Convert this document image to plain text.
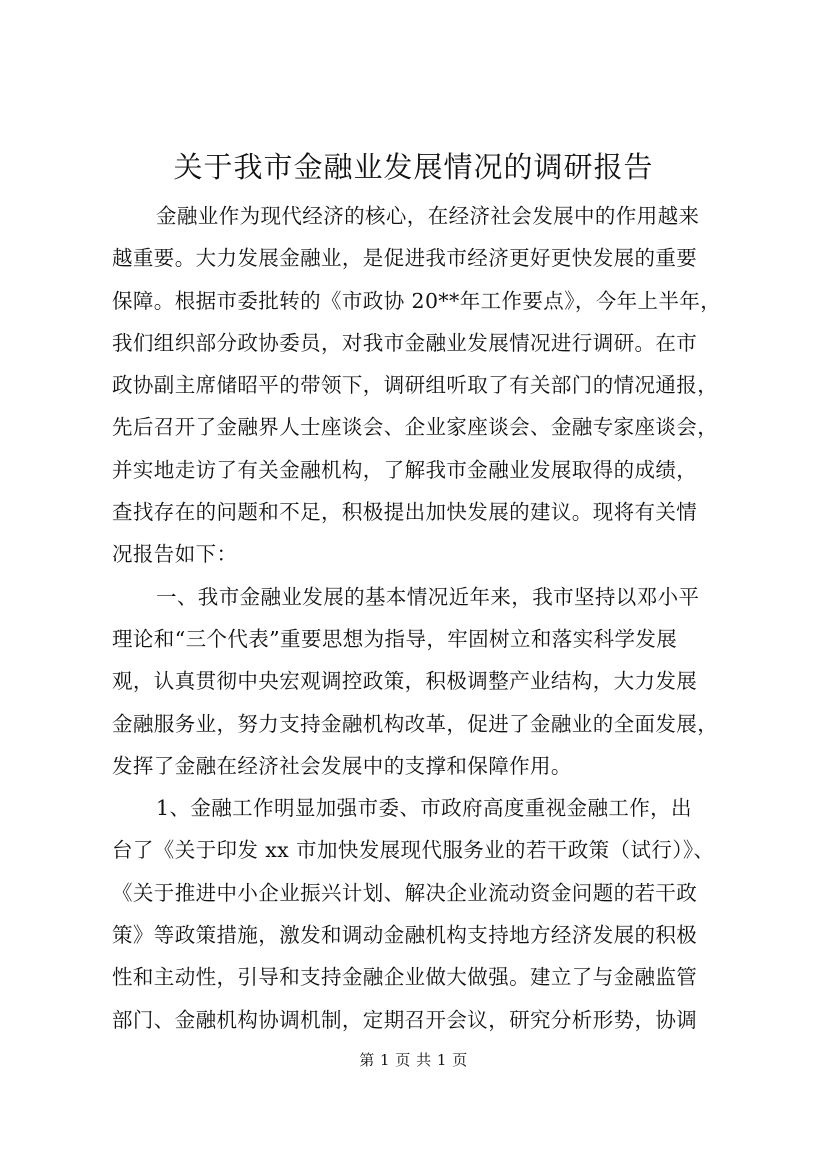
关于我市金融业发展情况的调研报告
金融业作为现代经济的核心，在经济社会发展中的作用越来
越重要。大力发展金融业，是促进我市经济更好更快发展的重要
保障。根据市委批转的《市政协 20**年工作要点》，今年上半年，
我们组织部分政协委员，对我市金融业发展情况进行调研。在市
政协副主席储昭平的带领下，调研组听取了有关部门的情况通报，
先后召开了金融界人士座谈会、企业家座谈会、金融专家座谈会，
并实地走访了有关金融机构，了解我市金融业发展取得的成绩，
查找存在的问题和不足，积极提出加快发展的建议。现将有关情
况报告如下：
一、我市金融业发展的基本情况近年来，我市坚持以邓小平
理论和“三个代表”重要思想为指导，牢固树立和落实科学发展
观，认真贯彻中央宏观调控政策，积极调整产业结构，大力发展
金融服务业，努力支持金融机构改革，促进了金融业的全面发展，
发挥了金融在经济社会发展中的支撑和保障作用。
1、金融工作明显加强市委、市政府高度重视金融工作，出
台了《关于印发 xx 市加快发展现代服务业的若干政策（试行）》、
《关于推进中小企业振兴计划、解决企业流动资金问题的若干政
策》等政策措施，激发和调动金融机构支持地方经济发展的积极
性和主动性，引导和支持金融企业做大做强。建立了与金融监管
部门、金融机构协调机制，定期召开会议，研究分析形势，协调
第 1 页 共 1 页
